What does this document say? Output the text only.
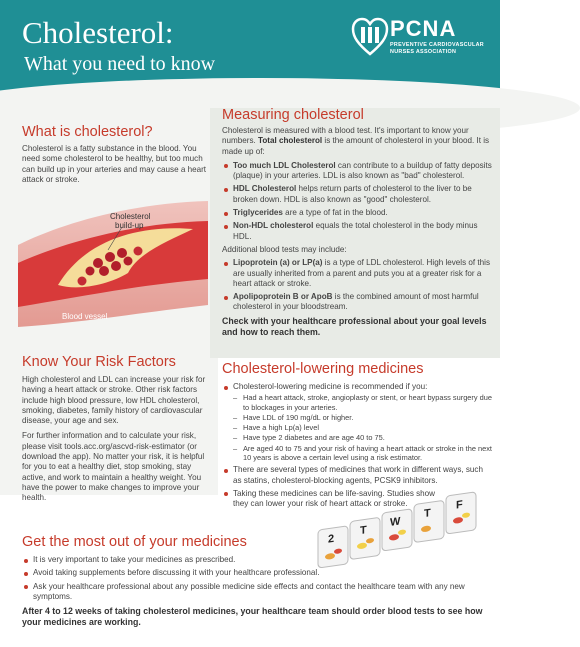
Cholesterol:
What you need to know
PCNA
PREVENTIVE CARDIOVASCULAR
NURSES ASSOCIATION
What is cholesterol?
Cholesterol is a fatty substance in the blood. You need some cholesterol to be healthy, but too much can build up in your arteries and may cause a heart attack or stroke.
Cholesterol
build-up
Blood vessel
Know Your Risk Factors
High cholesterol and LDL can increase your risk for having a heart attack or stroke. Other risk factors include high blood pressure, low HDL cholesterol, smoking, diabetes, family history of cardiovascular disease, your age and sex.
For further information and to calculate your risk, please visit tools.acc.org/ascvd-risk-estimator (or download the app). No matter your risk, it is helpful for you to eat a healthy diet, stop smoking, stay active, and work to maintain a healthy weight. You have the power to make changes to improve your health.
Measuring cholesterol
Cholesterol is measured with a blood test. It's important to know your numbers. Total cholesterol is the amount of cholesterol in your blood. It is made up of:
Too much LDL Cholesterol can contribute to a buildup of fatty deposits (plaque) in your arteries. LDL is also known as "bad" cholesterol.
HDL Cholesterol helps return parts of cholesterol to the liver to be broken down. HDL is also known as "good" cholesterol.
Triglycerides are a type of fat in the blood.
Non-HDL cholesterol equals the total cholesterol in the body minus HDL.
Additional blood tests may include:
Lipoprotein (a) or LP(a) is a type of LDL cholesterol. High levels of this are usually inherited from a parent and puts you at a greater risk for a heart attack or stroke.
Apolipoprotein B or ApoB is the combined amount of most harmful cholesterol in your bloodstream.
Check with your healthcare professional about your goal levels and how to reach them.
Cholesterol-lowering medicines
Cholesterol-lowering medicine is recommended if you:
– Had a heart attack, stroke, angioplasty or stent, or heart bypass surgery due to blockages in your arteries.
– Have LDL of 190 mg/dL or higher.
– Have a high Lp(a) level
– Have type 2 diabetes and are age 40 to 75.
– Are aged 40 to 75 and your risk of having a heart attack or stroke in the next 10 years is above a certain level using a risk estimator.
There are several types of medicines that work in different ways, such as statins, cholesterol-blocking agents, PCSK9 inhibitors.
Taking these medicines can be life-saving. Studies show they can lower your risk of heart attack or stroke.
2
T
W
T
F
Get the most out of your medicines
It is very important to take your medicines as prescribed.
Avoid taking supplements before discussing it with your healthcare professional.
Ask your healthcare professional about any possible medicine side effects and contact the healthcare team with any new symptoms.
After 4 to 12 weeks of taking cholesterol medicines, your healthcare team should order blood tests to see how your medicines are working.
